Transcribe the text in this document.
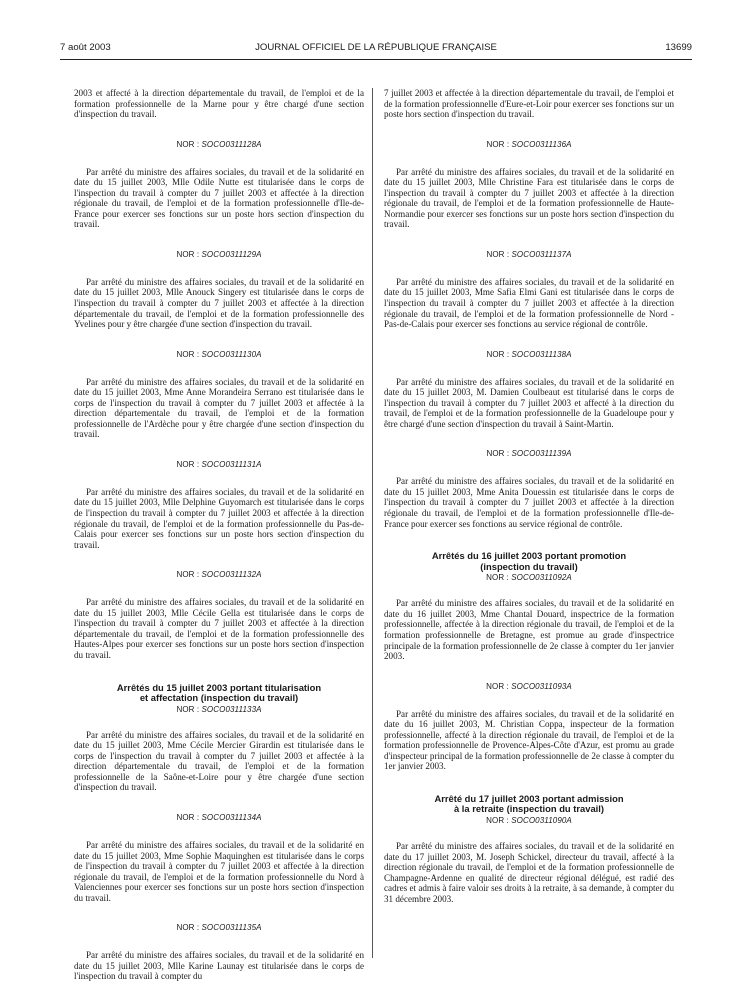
7 août 2003	JOURNAL OFFICIEL DE LA RÉPUBLIQUE FRANÇAISE	13699

2003 et affecté à la direction départementale du travail, de l'emploi et de la formation professionnelle de la Marne pour y être chargé d'une section d'inspection du travail.

NOR : SOCO0311128A

Par arrêté du ministre des affaires sociales, du travail et de la solidarité en date du 15 juillet 2003, Mlle Odile Nutte est titularisée dans le corps de l'inspection du travail à compter du 7 juillet 2003 et affectée à la direction régionale du travail, de l'emploi et de la formation professionnelle d'Ile-de-France pour exercer ses fonctions sur un poste hors section d'inspection du travail.

NOR : SOCO0311129A

Par arrêté du ministre des affaires sociales, du travail et de la solidarité en date du 15 juillet 2003, Mlle Anouck Singery est titularisée dans le corps de l'inspection du travail à compter du 7 juillet 2003 et affectée à la direction départementale du travail, de l'emploi et de la formation professionnelle des Yvelines pour y être chargée d'une section d'inspection du travail.

NOR : SOCO0311130A

Par arrêté du ministre des affaires sociales, du travail et de la solidarité en date du 15 juillet 2003, Mme Anne Morandeira Serrano est titularisée dans le corps de l'inspection du travail à compter du 7 juillet 2003 et affectée à la direction départementale du travail, de l'emploi et de la formation professionnelle de l'Ardèche pour y être chargée d'une section d'inspection du travail.

NOR : SOCO0311131A

Par arrêté du ministre des affaires sociales, du travail et de la solidarité en date du 15 juillet 2003, Mlle Delphine Guyomarch est titularisée dans le corps de l'inspection du travail à compter du 7 juillet 2003 et affectée à la direction régionale du travail, de l'emploi et de la formation professionnelle du Pas-de-Calais pour exercer ses fonctions sur un poste hors section d'inspection du travail.

NOR : SOCO0311132A

Par arrêté du ministre des affaires sociales, du travail et de la solidarité en date du 15 juillet 2003, Mlle Cécile Gella est titularisée dans le corps de l'inspection du travail à compter du 7 juillet 2003 et affectée à la direction départementale du travail, de l'emploi et de la formation professionnelle des Hautes-Alpes pour exercer ses fonctions sur un poste hors section d'inspection du travail.

Arrêtés du 15 juillet 2003 portant titularisation
et affectation (inspection du travail)
NOR : SOCO0311133A

Par arrêté du ministre des affaires sociales, du travail et de la solidarité en date du 15 juillet 2003, Mme Cécile Mercier Girardin est titularisée dans le corps de l'inspection du travail à compter du 7 juillet 2003 et affectée à la direction départementale du travail, de l'emploi et de la formation professionnelle de la Saône-et-Loire pour y être chargée d'une section d'inspection du travail.

NOR : SOCO0311134A

Par arrêté du ministre des affaires sociales, du travail et de la solidarité en date du 15 juillet 2003, Mme Sophie Maquinghen est titularisée dans le corps de l'inspection du travail à compter du 7 juillet 2003 et affectée à la direction régionale du travail, de l'emploi et de la formation professionnelle du Nord à Valenciennes pour exercer ses fonctions sur un poste hors section d'inspection du travail.

NOR : SOCO0311135A

Par arrêté du ministre des affaires sociales, du travail et de la solidarité en date du 15 juillet 2003, Mlle Karine Launay est titularisée dans le corps de l'inspection du travail à compter du

7 juillet 2003 et affectée à la direction départementale du travail, de l'emploi et de la formation professionnelle d'Eure-et-Loir pour exercer ses fonctions sur un poste hors section d'inspection du travail.

NOR : SOCO0311136A

Par arrêté du ministre des affaires sociales, du travail et de la solidarité en date du 15 juillet 2003, Mlle Christine Fara est titularisée dans le corps de l'inspection du travail à compter du 7 juillet 2003 et affectée à la direction régionale du travail, de l'emploi et de la formation professionnelle de Haute-Normandie pour exercer ses fonctions sur un poste hors section d'inspection du travail.

NOR : SOCO0311137A

Par arrêté du ministre des affaires sociales, du travail et de la solidarité en date du 15 juillet 2003, Mme Safia Elmi Gani est titularisée dans le corps de l'inspection du travail à compter du 7 juillet 2003 et affectée à la direction régionale du travail, de l'emploi et de la formation professionnelle de Nord - Pas-de-Calais pour exercer ses fonctions au service régional de contrôle.

NOR : SOCO0311138A

Par arrêté du ministre des affaires sociales, du travail et de la solidarité en date du 15 juillet 2003, M. Damien Coulbeaut est titularisé dans le corps de l'inspection du travail à compter du 7 juillet 2003 et affecté à la direction du travail, de l'emploi et de la formation professionnelle de la Guadeloupe pour y être chargé d'une section d'inspection du travail à Saint-Martin.

NOR : SOCO0311139A

Par arrêté du ministre des affaires sociales, du travail et de la solidarité en date du 15 juillet 2003, Mme Anita Douessin est titularisée dans le corps de l'inspection du travail à compter du 7 juillet 2003 et affectée à la direction régionale du travail, de l'emploi et de la formation professionnelle d'Ile-de-France pour exercer ses fonctions au service régional de contrôle.

Arrêtés du 16 juillet 2003 portant promotion
(inspection du travail)
NOR : SOCO0311092A

Par arrêté du ministre des affaires sociales, du travail et de la solidarité en date du 16 juillet 2003, Mme Chantal Douard, inspectrice de la formation professionnelle, affectée à la direction régionale du travail, de l'emploi et de la formation professionnelle de Bretagne, est promue au grade d'inspectrice principale de la formation professionnelle de 2e classe à compter du 1er janvier 2003.

NOR : SOCO0311093A

Par arrêté du ministre des affaires sociales, du travail et de la solidarité en date du 16 juillet 2003, M. Christian Coppa, inspecteur de la formation professionnelle, affecté à la direction régionale du travail, de l'emploi et de la formation professionnelle de Provence-Alpes-Côte d'Azur, est promu au grade d'inspecteur principal de la formation professionnelle de 2e classe à compter du 1er janvier 2003.

Arrêté du 17 juillet 2003 portant admission
à la retraite (inspection du travail)
NOR : SOCO0311090A

Par arrêté du ministre des affaires sociales, du travail et de la solidarité en date du 17 juillet 2003, M. Joseph Schickel, directeur du travail, affecté à la direction régionale du travail, de l'emploi et de la formation professionnelle de Champagne-Ardenne en qualité de directeur régional délégué, est radié des cadres et admis à faire valoir ses droits à la retraite, à sa demande, à compter du 31 décembre 2003.
